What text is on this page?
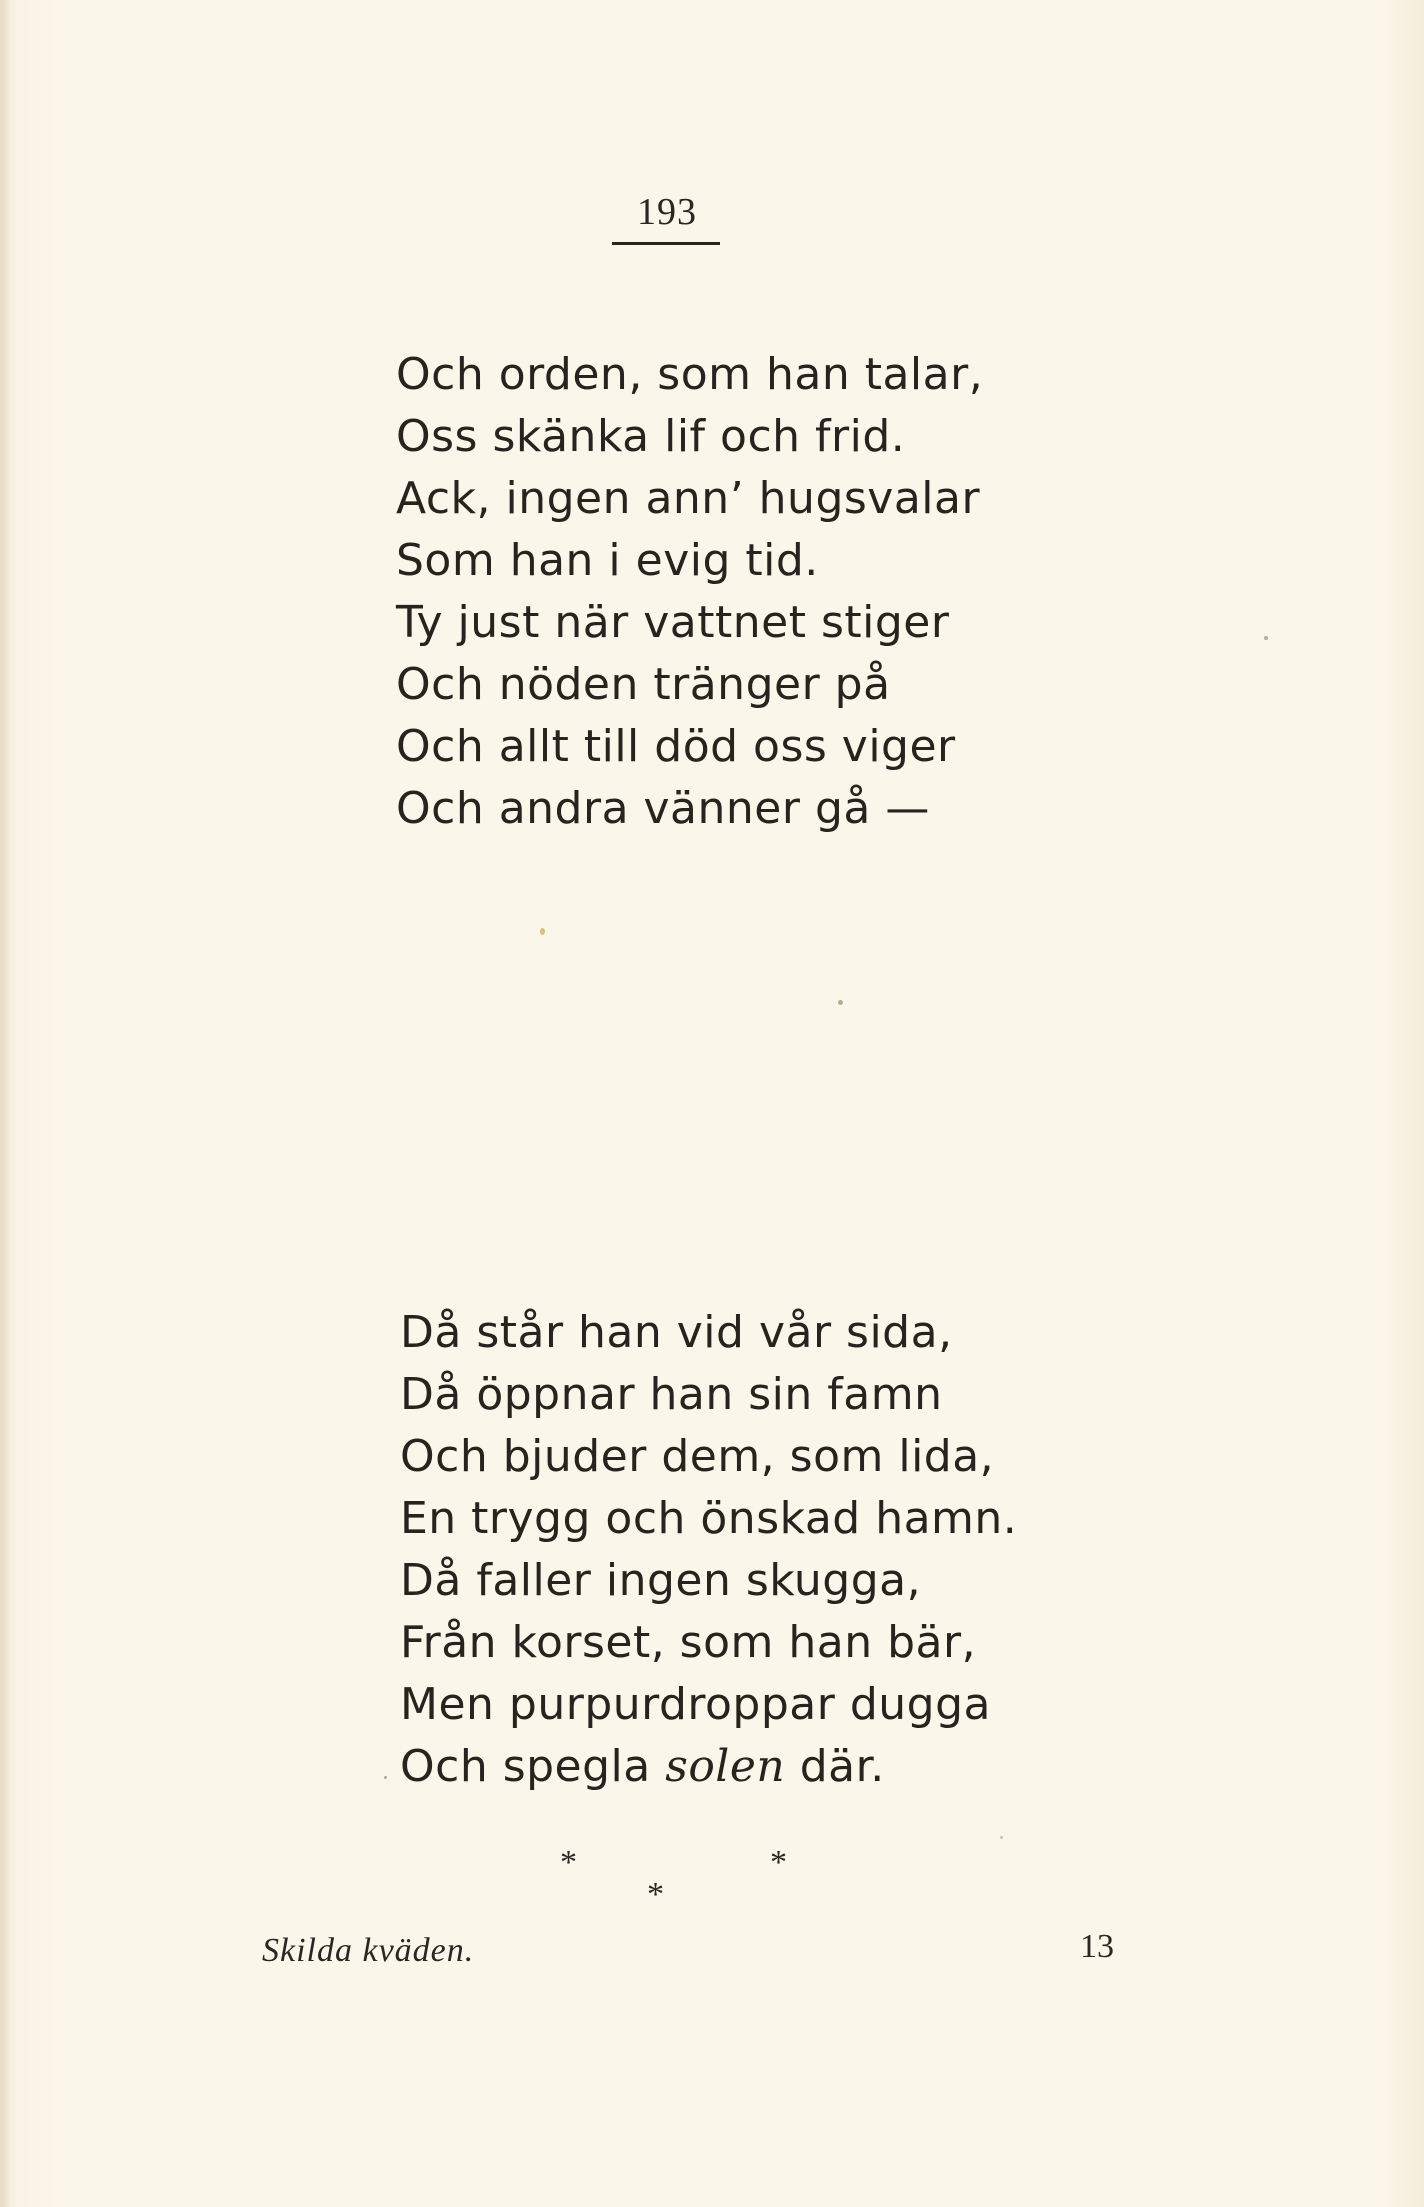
193
Och orden, som han talar,
Oss skänka lif och frid.
Ack, ingen ann’ hugsvalar
Som han i evig tid.
Ty just när vattnet stiger
Och nöden tränger på
Och allt till död oss viger
Och andra vänner gå —
Då står han vid vår sida,
Då öppnar han sin famn
Och bjuder dem, som lida,
En trygg och önskad hamn.
Då faller ingen skugga,
Från korset, som han bär,
Men purpurdroppar dugga
Och spegla solen där.
*	*
*
Skilda kväden.	13
